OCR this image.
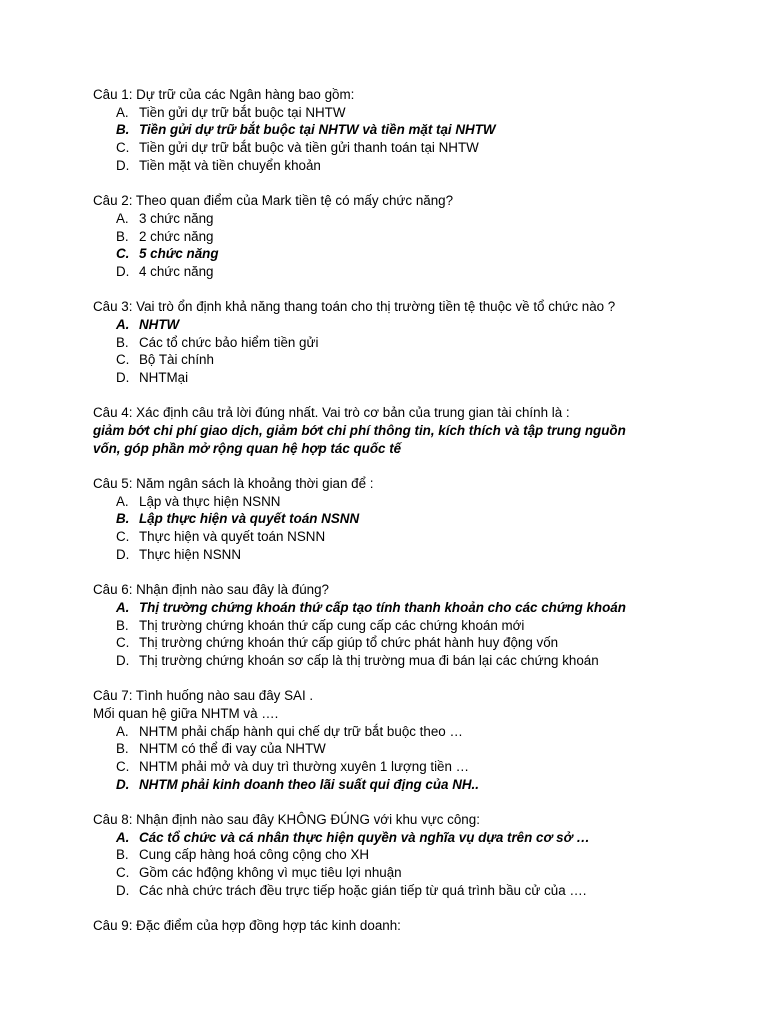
Câu 1: Dự trữ của các Ngân hàng bao gồm:
A. Tiền gửi dự trữ bắt buộc tại NHTW
B. Tiền gửi dự trữ bắt buộc tại NHTW và tiền mặt tại NHTW
C. Tiền gửi dự trữ bắt buộc và tiền gửi thanh toán tại NHTW
D. Tiền mặt và tiền chuyển khoản
Câu 2: Theo quan điểm của Mark tiền tệ có mấy chức năng?
A. 3 chức năng
B. 2 chức năng
C. 5 chức năng
D. 4 chức năng
Câu 3: Vai trò ổn định khả năng thang toán cho thị trường tiền tệ thuộc về tổ chức nào ?
A. NHTW
B. Các tổ chức bảo hiểm tiền gửi
C. Bộ Tài chính
D. NHTMại
Câu 4: Xác định câu trả lời đúng nhất. Vai trò cơ bản của trung gian tài chính là :
giảm bớt chi phí giao dịch, giảm bớt chi phí thông tin, kích thích và tập trung nguồn
vốn, góp phần mở rộng quan hệ hợp tác quốc tế
Câu 5: Năm ngân sách là khoảng thời gian để :
A. Lập và thực hiện NSNN
B. Lập thực hiện và quyết toán NSNN
C. Thực hiện và quyết toán NSNN
D. Thực hiện NSNN
Câu 6: Nhận định nào sau đây là đúng?
A. Thị trường chứng khoán thứ cấp tạo tính thanh khoản cho các chứng khoán
B. Thị trường chứng khoán thứ cấp cung cấp các chứng khoán mới
C. Thị trường chứng khoán thứ cấp giúp tổ chức phát hành huy động vốn
D. Thị trường chứng khoán sơ cấp là thị trường mua đi bán lại các chứng khoán
Câu 7: Tình huống nào sau đây SAI .
Mối quan hệ giữa NHTM và ….
A. NHTM phải chấp hành qui chế dự trữ bắt buộc theo …
B. NHTM có thể đi vay của NHTW
C. NHTM phải mở và duy trì thường xuyên 1 lượng tiền …
D. NHTM phải kinh doanh theo lãi suất qui địng của NH..
Câu 8: Nhận định nào sau đây KHÔNG ĐÚNG với khu vực công:
A. Các tổ chức và cá nhân thực hiện quyền và nghĩa vụ dựa trên cơ sở …
B. Cung cấp hàng hoá công cộng cho XH
C. Gồm các hđộng không vì mục tiêu lợi nhuận
D. Các nhà chức trách đều trực tiếp hoặc gián tiếp từ quá trình bầu cử của ….
Câu 9: Đặc điểm của hợp đồng hợp tác kinh doanh:
